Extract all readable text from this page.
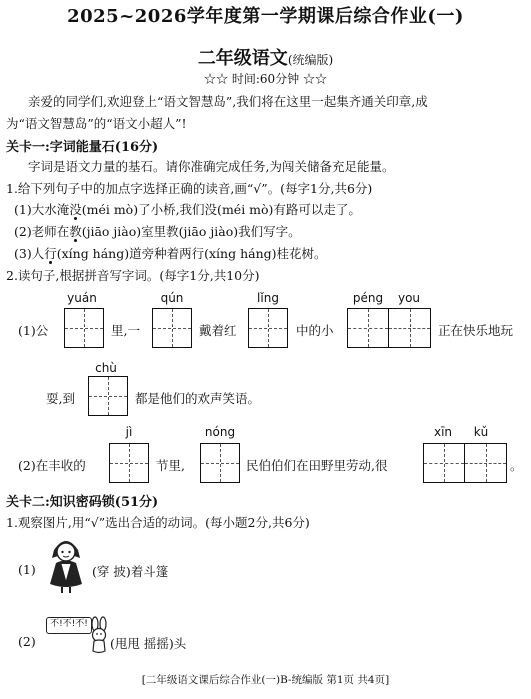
2025~2026学年度第一学期课后综合作业(一)
二年级语文(统编版)
☆☆ 时间:60分钟 ☆☆
亲爱的同学们,欢迎登上“语文智慧岛”,我们将在这里一起集齐通关印章,成
为“语文智慧岛”的“语文小超人”!
关卡一:字词能量石(16分)
字词是语文力量的基石。请你准确完成任务,为闯关储备充足能量。
1.给下列句子中的加点字选择正确的读音,画“√”。(每字1分,共6分)
(1)大水淹没(méi mò)了小桥,我们没(méi mò)有路可以走了。
(2)老师在教(jiāo jiào)室里教(jiāo jiào)我们写字。
(3)人行(xíng háng)道旁种着两行(xíng háng)桂花树。
2.读句子,根据拼音写字词。(每字1分,共10分)
yuán	qún	lǐng	péng	you
(1)公	里,一	戴着红	中的小	正在快乐地玩
chù
耍,到	都是他们的欢声笑语。
jì	nóng	xīn	kǔ
(2)在丰收的	节里,	民伯伯们在田野里劳动,很	。
关卡二:知识密码锁(51分)
1.观察图片,用“√”选出合适的动词。(每小题2分,共6分)
(1)	(穿 披)着斗篷
(2)
不!不!不!
(甩甩 摇摇)头
[二年级语文课后综合作业(一)B-统编版 第1页 共4页]
